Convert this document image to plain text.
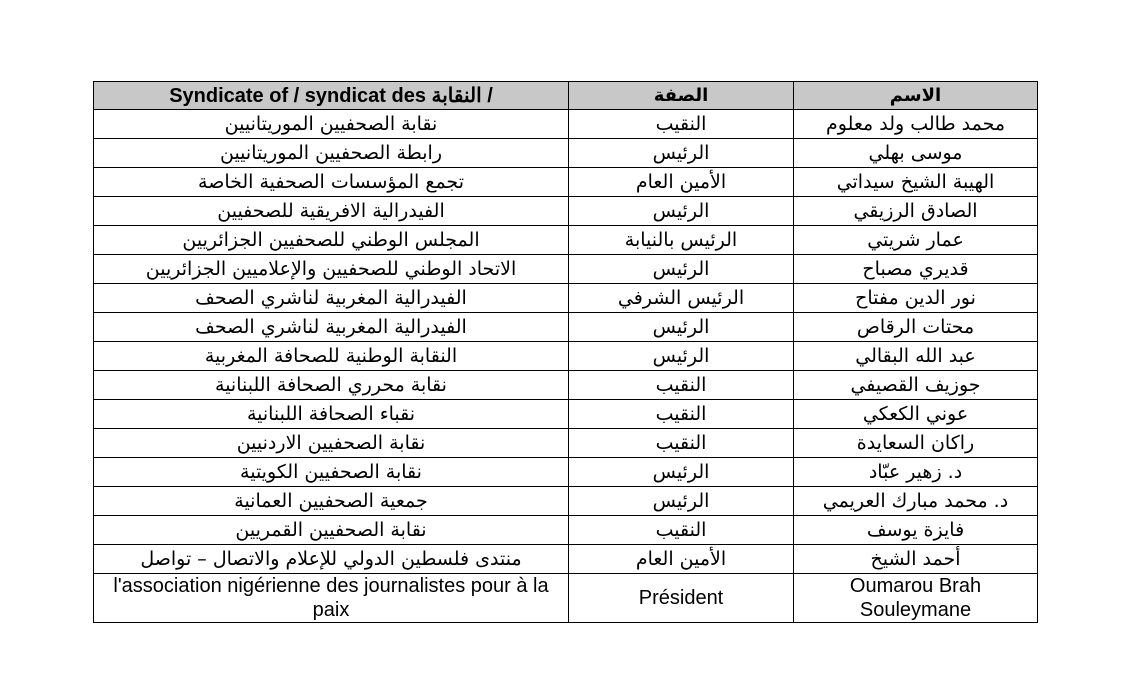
Syndicate of / syndicat des النقابة /	الصفة	الاسم
نقابة الصحفيين الموريتانيين	النقيب	محمد طالب ولد معلوم
رابطة الصحفيين الموريتانيين	الرئيس	موسى بهلي
تجمع المؤسسات الصحفية الخاصة	الأمين العام	الهيبة الشيخ سيداتي
الفيدرالية الافريقية للصحفيين	الرئيس	الصادق الرزيقي
المجلس الوطني للصحفيين الجزائريين	الرئيس بالنيابة	عمار شريتي
الاتحاد الوطني للصحفيين والإعلاميين الجزائريين	الرئيس	قديري مصباح
الفيدرالية المغربية لناشري الصحف	الرئيس الشرفي	نور الدين مفتاح
الفيدرالية المغربية لناشري الصحف	الرئيس	محتات الرقاص
النقابة الوطنية للصحافة المغربية	الرئيس	عبد الله البقالي
نقابة محرري الصحافة اللبنانية	النقيب	جوزيف القصيفي
نقباء الصحافة اللبنانية	النقيب	عوني الكعكي
نقابة الصحفيين الاردنيين	النقيب	راكان السعايدة
نقابة الصحفيين الكويتية	الرئيس	د. زهير عبّاد
جمعية الصحفيين العمانية	الرئيس	د. محمد مبارك العريمي
نقابة الصحفيين القمريين	النقيب	فايزة يوسف
منتدى فلسطين الدولي للإعلام والاتصال – تواصل	الأمين العام	أحمد الشيخ
l'association nigérienne des journalistes pour à la paix	Président	Oumarou Brah Souleymane
